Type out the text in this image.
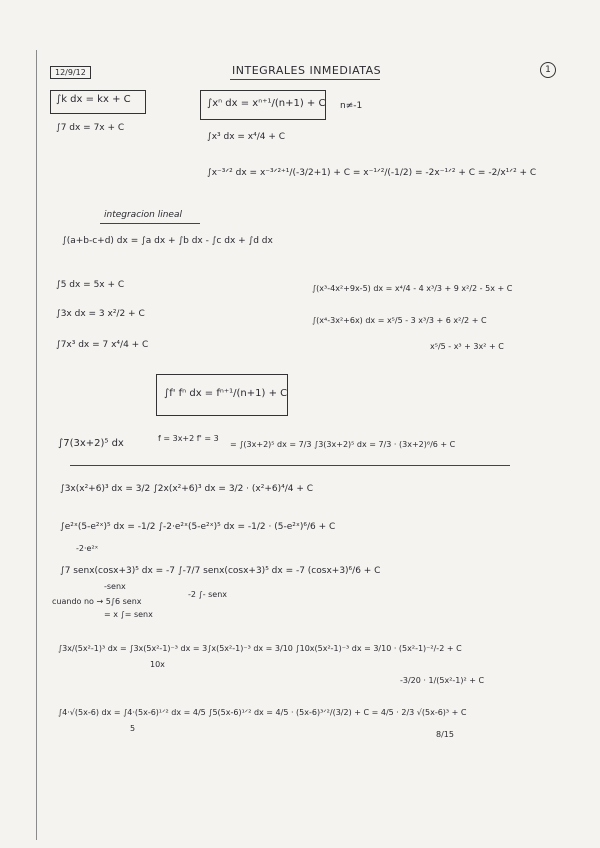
12/9/12	INTEGRALES INMEDIATAS	1
∫k dx = kx + C
∫7 dx = 7x + C
∫xⁿ dx = xⁿ⁺¹/(n+1) + C n≠-1
∫x³ dx = x⁴/4 + C
∫x⁻³ᐟ² dx = x⁻³ᐟ²⁺¹/(-3/2+1) + C = x⁻¹ᐟ²/(-1/2) = -2x⁻¹ᐟ² + C = -2/x¹ᐟ² + C
integracion lineal
∫(a+b-c+d) dx = ∫a dx + ∫b dx - ∫c dx + ∫d dx
∫5 dx = 5x + C
∫3x dx = 3 x²/2 + C
∫7x³ dx = 7 x⁴/4 + C
∫(x³-4x²+9x-5) dx = x⁴/4 - 4 x³/3 + 9 x²/2 - 5x + C
∫(x⁴-3x²+6x) dx = x⁵/5 - 3 x³/3 + 6 x²/2 + C
x⁵/5 - x³ + 3x² + C
∫f' fⁿ dx = fⁿ⁺¹/(n+1) + C
∫7(3x+2)⁵ dx	f = 3x+2 f' = 3
= ∫(3x+2)⁵ dx = 7/3 ∫3(3x+2)⁵ dx = 7/3 · (3x+2)⁶/6 + C
∫3x(x²+6)³ dx = 3/2 ∫2x(x²+6)³ dx = 3/2 · (x²+6)⁴/4 + C
∫e²ˣ(5-e²ˣ)⁵ dx = -1/2 ∫-2·e²ˣ(5-e²ˣ)⁵ dx = -1/2 · (5-e²ˣ)⁶/6 + C
-2·e²ˣ
∫7 senx(cosx+3)⁵ dx = -7 ∫-7/7 senx(cosx+3)⁵ dx = -7 (cosx+3)⁶/6 + C
-senx
cuando no → 5∫6 senx
= x ∫= senx
-2 ∫- senx
∫3x/(5x²-1)³ dx = ∫3x(5x²-1)⁻³ dx = 3∫x(5x²-1)⁻³ dx = 3/10 ∫10x(5x²-1)⁻³ dx = 3/10 · (5x²-1)⁻²/-2 + C
10x
-3/20 · 1/(5x²-1)² + C
∫4·√(5x-6) dx = ∫4·(5x-6)¹ᐟ² dx = 4/5 ∫5(5x-6)¹ᐟ² dx = 4/5 · (5x-6)³ᐟ²/(3/2) + C = 4/5 · 2/3 √(5x-6)³ + C
5
8/15
